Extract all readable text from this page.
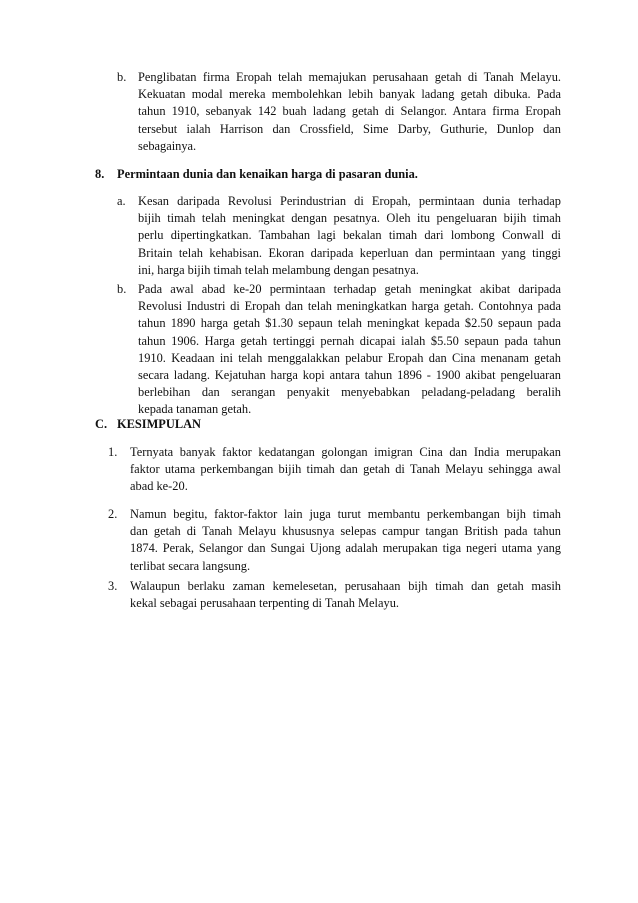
b. Penglibatan firma Eropah telah memajukan perusahaan getah di Tanah Melayu.
Kekuatan modal mereka membolehkan lebih banyak ladang getah dibuka. Pada
tahun 1910, sebanyak 142 buah ladang getah di Selangor. Antara firma Eropah
tersebut ialah Harrison dan Crossfield, Sime Darby, Guthurie, Dunlop dan
sebagainya.
8. Permintaan dunia dan kenaikan harga di pasaran dunia.
a. Kesan daripada Revolusi Perindustrian di Eropah, permintaan dunia terhadap
bijih timah telah meningkat dengan pesatnya. Oleh itu pengeluaran bijih timah
perlu dipertingkatkan. Tambahan lagi bekalan timah dari lombong Conwall di
Britain telah kehabisan. Ekoran daripada keperluan dan permintaan yang tinggi
ini, harga bijih timah telah melambung dengan pesatnya.
b. Pada awal abad ke-20 permintaan terhadap getah meningkat akibat daripada
Revolusi Industri di Eropah dan telah meningkatkan harga getah. Contohnya pada
tahun 1890 harga getah $1.30 sepaun telah meningkat kepada $2.50 sepaun pada
tahun 1906. Harga getah tertinggi pernah dicapai ialah $5.50 sepaun pada tahun
1910. Keadaan ini telah menggalakkan pelabur Eropah dan Cina menanam getah
secara ladang. Kejatuhan harga kopi antara tahun 1896 - 1900 akibat pengeluaran
berlebihan dan serangan penyakit menyebabkan peladang-peladang beralih
kepada tanaman getah.
C. KESIMPULAN
1. Ternyata banyak faktor kedatangan golongan imigran Cina dan India merupakan
faktor utama perkembangan bijih timah dan getah di Tanah Melayu sehingga awal
abad ke-20.
2. Namun begitu, faktor-faktor lain juga turut membantu perkembangan bijh timah
dan getah di Tanah Melayu khususnya selepas campur tangan British pada tahun
1874. Perak, Selangor dan Sungai Ujong adalah merupakan tiga negeri utama yang
terlibat secara langsung.
3. Walaupun berlaku zaman kemelesetan, perusahaan bijh timah dan getah masih
kekal sebagai perusahaan terpenting di Tanah Melayu.
